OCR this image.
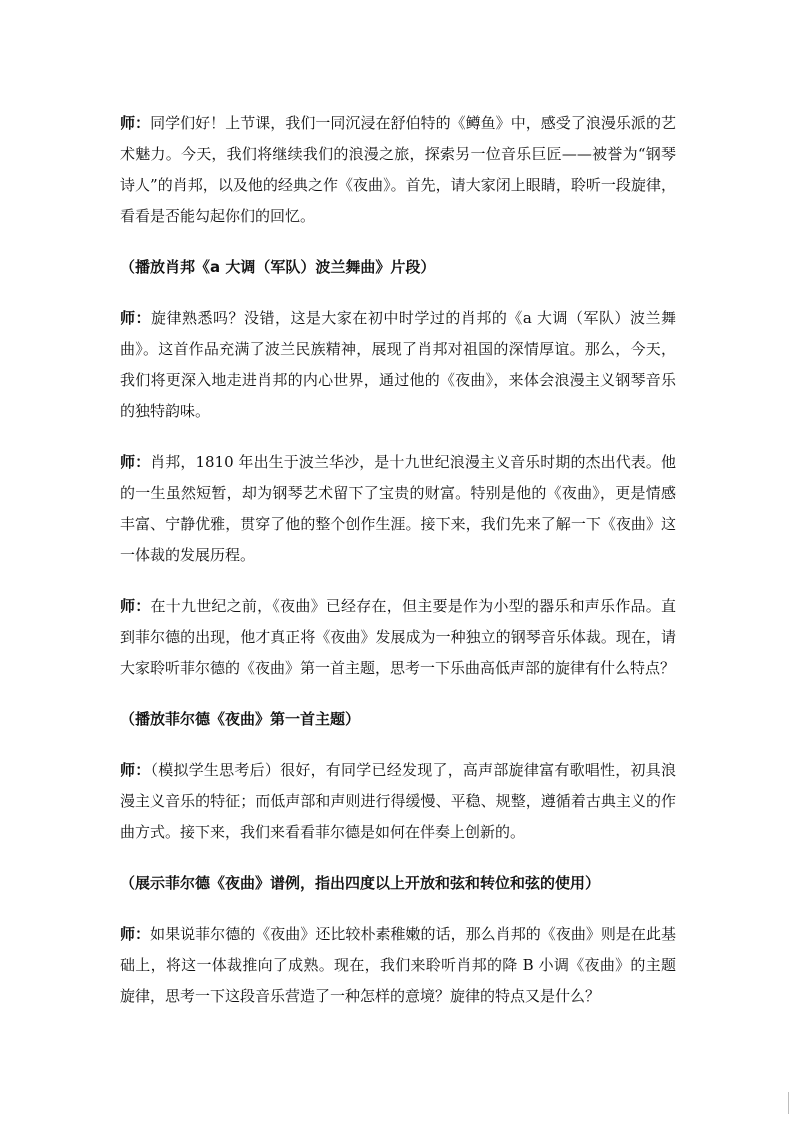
师：同学们好！上节课，我们一同沉浸在舒伯特的《鳟鱼》中，感受了浪漫乐派的艺术魅力。今天，我们将继续我们的浪漫之旅，探索另一位音乐巨匠——被誉为“钢琴诗人”的肖邦，以及他的经典之作《夜曲》。首先，请大家闭上眼睛，聆听一段旋律，看看是否能勾起你们的回忆。

（播放肖邦《a 大调（军队）波兰舞曲》片段）

师：旋律熟悉吗？没错，这是大家在初中时学过的肖邦的《a 大调（军队）波兰舞曲》。这首作品充满了波兰民族精神，展现了肖邦对祖国的深情厚谊。那么，今天，我们将更深入地走进肖邦的内心世界，通过他的《夜曲》，来体会浪漫主义钢琴音乐的独特韵味。

师：肖邦，1810 年出生于波兰华沙，是十九世纪浪漫主义音乐时期的杰出代表。他的一生虽然短暂，却为钢琴艺术留下了宝贵的财富。特别是他的《夜曲》，更是情感丰富、宁静优雅，贯穿了他的整个创作生涯。接下来，我们先来了解一下《夜曲》这一体裁的发展历程。

师：在十九世纪之前，《夜曲》已经存在，但主要是作为小型的器乐和声乐作品。直到菲尔德的出现，他才真正将《夜曲》发展成为一种独立的钢琴音乐体裁。现在，请大家聆听菲尔德的《夜曲》第一首主题，思考一下乐曲高低声部的旋律有什么特点？

（播放菲尔德《夜曲》第一首主题）

师：（模拟学生思考后）很好，有同学已经发现了，高声部旋律富有歌唱性，初具浪漫主义音乐的特征；而低声部和声则进行得缓慢、平稳、规整，遵循着古典主义的作曲方式。接下来，我们来看看菲尔德是如何在伴奏上创新的。

（展示菲尔德《夜曲》谱例，指出四度以上开放和弦和转位和弦的使用）

师：如果说菲尔德的《夜曲》还比较朴素稚嫩的话，那么肖邦的《夜曲》则是在此基础上，将这一体裁推向了成熟。现在，我们来聆听肖邦的降 B 小调《夜曲》的主题旋律，思考一下这段音乐营造了一种怎样的意境？旋律的特点又是什么？
